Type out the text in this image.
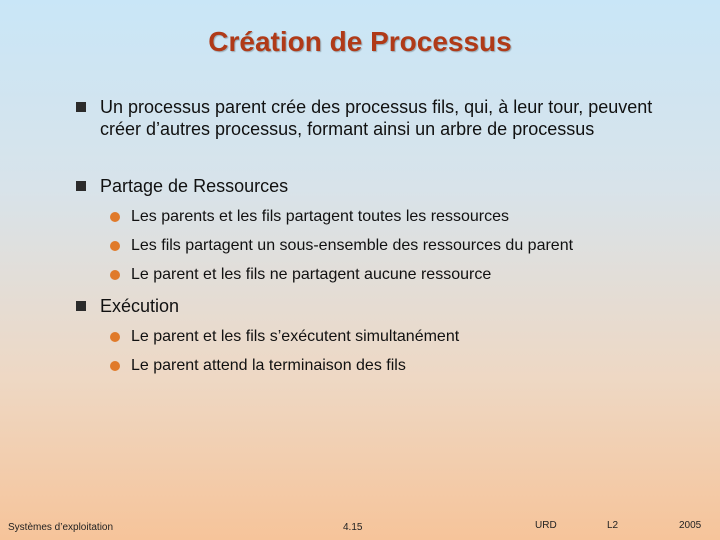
Création de Processus
Un processus parent crée des processus fils, qui, à leur tour, peuvent créer d’autres processus, formant ainsi un arbre de processus
Partage de Ressources
Les parents et les fils partagent toutes les ressources
Les fils partagent un sous-ensemble des ressources du parent
Le parent et les fils ne partagent aucune ressource
Exécution
Le parent et les fils s’exécutent simultanément
Le parent attend la terminaison des fils
Systèmes d’exploitation	4.15	URD	L2	2005
